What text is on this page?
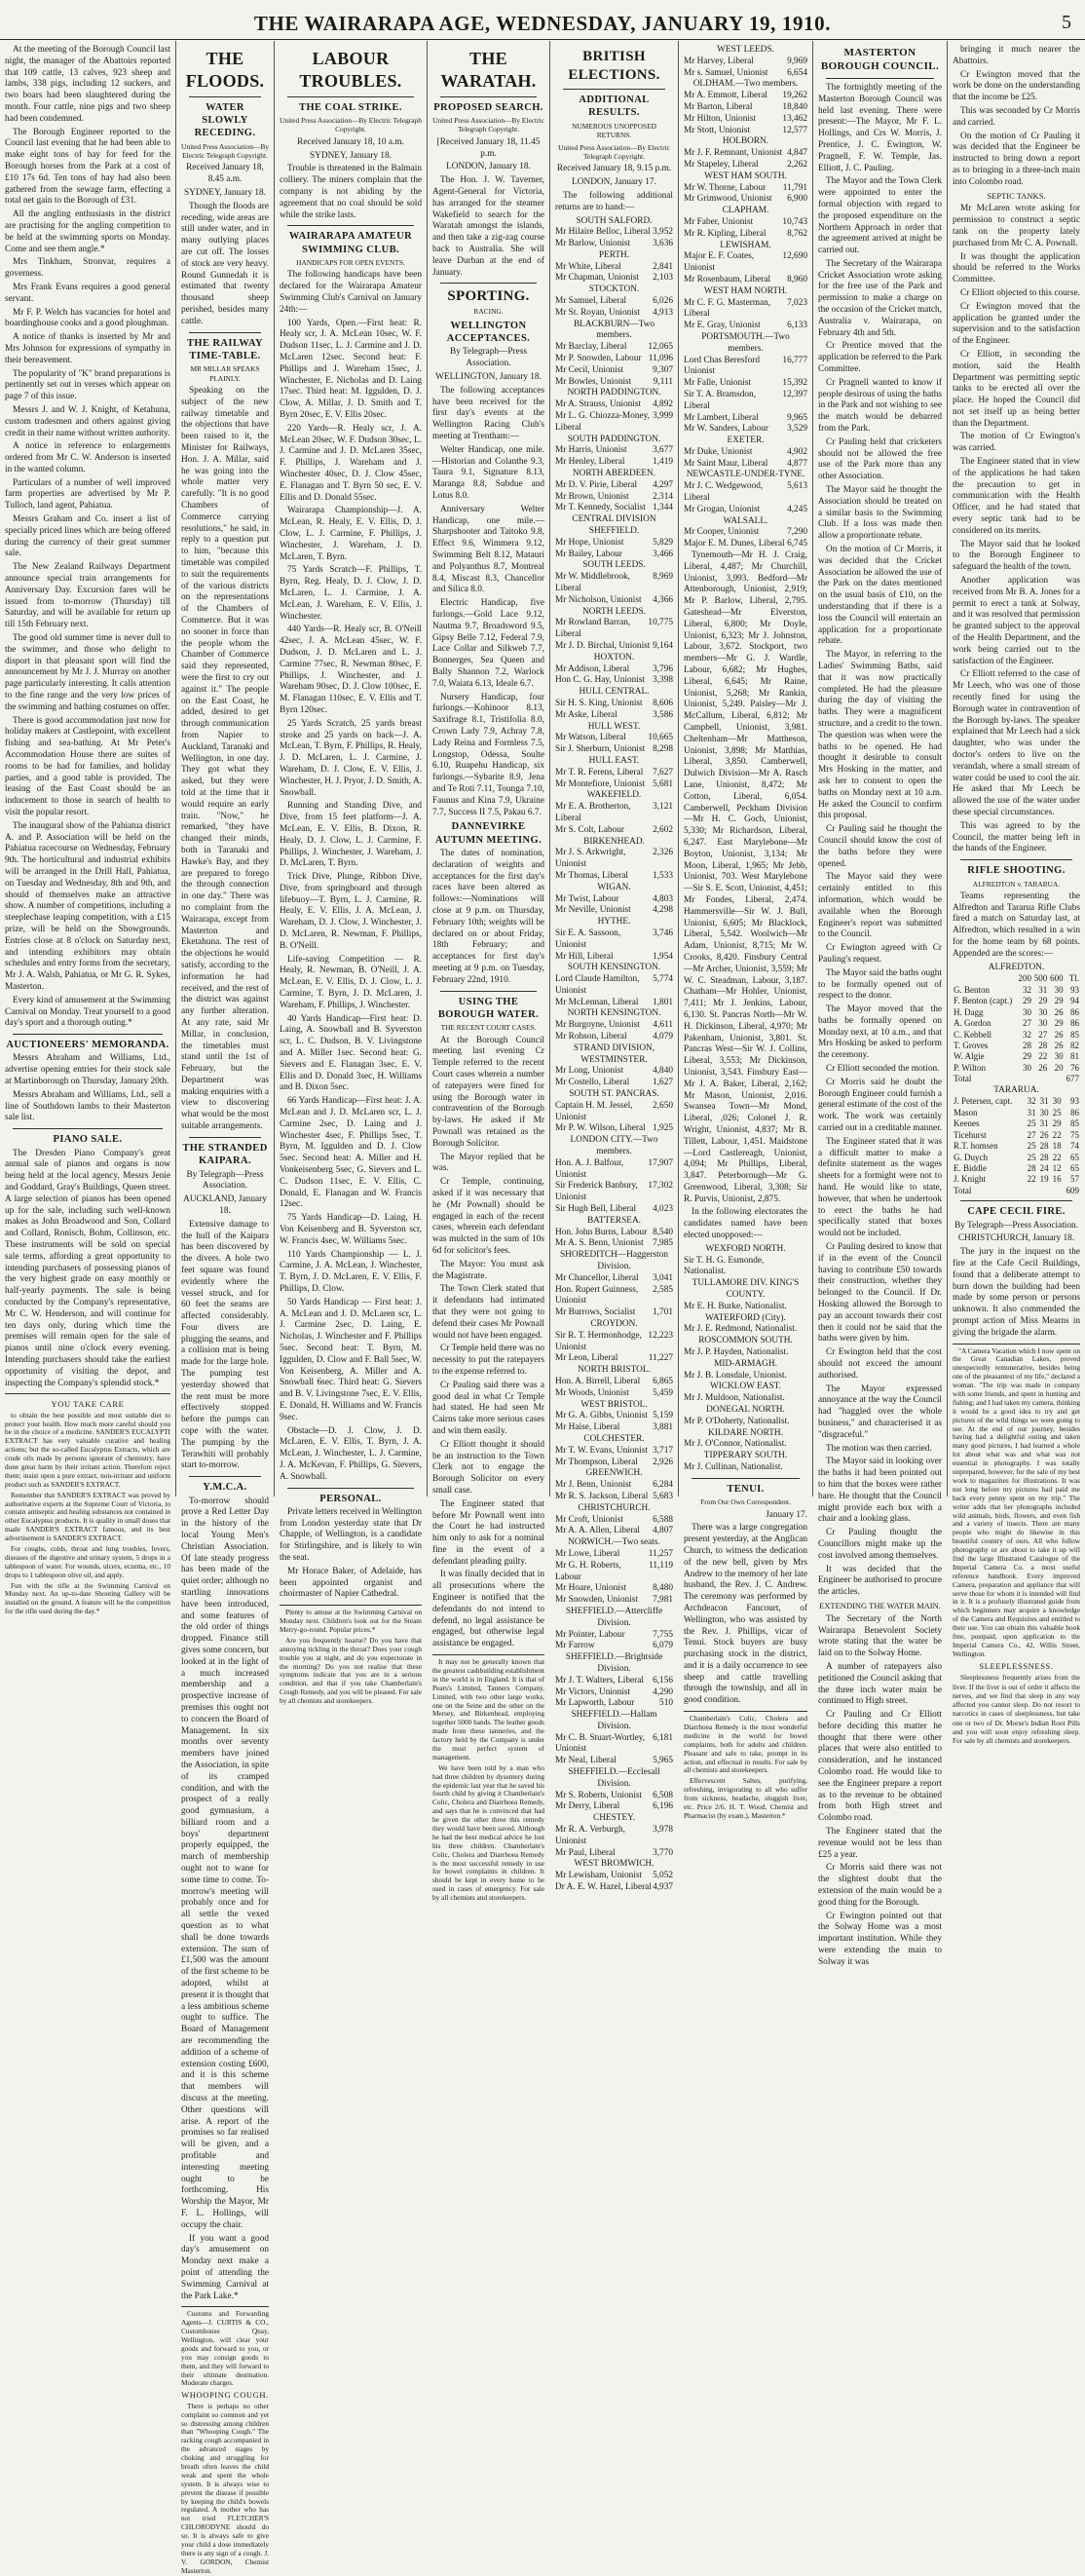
THE WAIRARAPA AGE, WEDNESDAY, JANUARY 19, 1910.	5

At the meeting of the Borough Council last night, the manager of the Abattoirs reported that 109 cattle, 13 calves, 923 sheep and lambs, 338 pigs, including 12 suckers, and two boars had been slaughtered during the month. Four cattle, nine pigs and two sheep had been condemned.

The Borough Engineer reported to the Council last evening that he had been able to make eight tons of hay for feed for the Borough horses from the Park at a cost of £10 17s 6d. Ten tons of hay had also been gathered from the sewage farm, effecting a total net gain to the Borough of £31.

All the angling enthusiasts in the district are practising for the angling competition to be held at the swimming sports on Monday. Come and see them angle.*

Mrs Tinkham, Stronvar, requires a governess.

Mrs Frank Evans requires a good general servant.

Mr F. P. Welch has vacancies for hotel and boardinghouse cooks and a good ploughman.

A notice of thanks is inserted by Mr and Mrs Johnson for expressions of sympathy in their bereavement.

The popularity of "K" brand preparations is pertinently set out in verses which appear on page 7 of this issue.

Messrs J. and W. J. Knight, of Ketahuna, custom tradesmen and others against giving credit in their name without written authority.

A notice in reference to enlargements ordered from Mr C. W. Anderson is inserted in the wanted column.

Particulars of a number of well improved farm properties are advertised by Mr P. Tulloch, land agent, Pahiatua.

Messrs Graham and Co. insert a list of specially priced lines which are being offered during the currency of their great summer sale.

The New Zealand Railways Department announce special train arrangements for Anniversary Day. Excursion fares will be issued from to-morrow (Thursday) till Saturday, and will be available for return up till 15th February next.

The good old summer time is never dull to the swimmer, and those who delight to disport in that pleasant sport will find the announcement by Mr J. J. Murray on another page particularly interesting. It calls attention to the fine range and the very low prices of the swimming and bathing costumes on offer.

There is good accommodation just now for holiday makers at Castlepoint, with excellent fishing and sea-bathing. At Mr Peter's Accommodation House there are suites of rooms to be had for families, and holiday parties, and a good table is provided. The leasing of the East Coast should be an inducement to those in search of health to visit the popular resort.

The inaugural show of the Pahiatua district A. and P. Association will be held on the Pahiatua racecourse on Wednesday, February 9th. The horticultural and industrial exhibits will be arranged in the Drill Hall, Pahiatua, on Tuesday and Wednesday, 8th and 9th, and should of themselves make an attractive show. A number of competitions, including a steeplechase leaping competition, with a £15 prize, will be held on the Showgrounds. Entries close at 8 o'clock on Saturday next, and intending exhibitors may obtain schedules and entry forms from the secretary, Mr J. A. Walsh, Pahiatua, or Mr G. R. Sykes, Masterton.

Every kind of amusement at the Swimming Carnival on Monday. Treat yourself to a good day's sport and a thorough outing.*

AUCTIONEERS' MEMORANDA.

Messrs Abraham and Williams, Ltd., advertise opening entries for their stock sale at Martinborough on Thursday, January 20th.

Messrs Abraham and Williams, Ltd., sell a line of Southdown lambs to their Masterton sale list.

PIANO SALE.

The Dresden Piano Company's great annual sale of pianos and organs is now being held at the local agency, Messrs Jenie and Goddard, Gray's Buildings, Queen street. A large selection of pianos has been opened up for the sale, including such well-known makes as John Broadwood and Son, Collard and Collard, Ronisch, Bohm, Collinson, etc. These instruments will be sold on special sale terms, affording a great opportunity to intending purchasers of possessing pianos of the very highest grade on easy monthly or half-yearly payments. The sale is being conducted by the Company's representative, Mr C. W. Henderson, and will continue for ten days only, during which time the premises will remain open for the sale of pianos until nine o'clock every evening. Intending purchasers should take the earliest opportunity of visiting the depot, and inspecting the Company's splendid stock.*

YOU TAKE CARE

to obtain the best possible and most suitable diet to protect your health. How much more careful should you be in the choice of a medicine. SANDER'S EUCALYPTI EXTRACT has very valuable curative and healing actions; but the so-called Eucalyptus Extracts, which are crude oils made by persons ignorant of chemistry, have done great harm by their irritant action. Therefore reject them; insist upon a pure extract, non-irritant and uniform product such as SANDER'S EXTRACT.

Remember that SANDER'S EXTRACT was proved by authoritative experts at the Supreme Court of Victoria, to contain antiseptic and healing substances not contained in other Eucalyptus products. It is quality in small doses that made SANDER'S EXTRACT famous, and its best advertisement is SANDER'S EXTRACT.

For coughs, colds, throat and lung troubles, fevers, diseases of the digestive and urinary system, 5 drops in a tablespoon of water. For wounds, ulcers, eczema, etc., 10 drops to 1 tablespoon olive oil, and apply.

Fun with the rifle at the Swimming Carnival on Monday next. An up-to-date Shooting Gallery will be installed on the ground. A feature will be the competition for the rifle used during the day.*

THE FLOODS.
WATER SLOWLY RECEDING.
United Press Association—By Electric Telegraph Copyright.

Received January 18, 8.45 a.m.

SYDNEY, January 18.

Though the floods are receding, wide areas are still under water, and in many outlying places are cut off. The losses of stock are very heavy. Round Gunnedah it is estimated that twenty thousand sheep perished, besides many cattle.

THE RAILWAY TIME-TABLE.
MR MILLAR SPEAKS PLAINLY.

Speaking on the subject of the new railway timetable and the objections that have been raised to it, the Minister for Railways, Hon. J. A. Millar, said he was going into the whole matter very carefully. "It is no good Chambers of Commerce carrying resolutions," he said, in reply to a question put to him, "because this timetable was compiled to suit the requirements of the various districts on the representations of the Chambers of Commerce. But it was no sooner in force than the people whom the Chamber of Commerce said they represented, were the first to cry out against it." The people on the East Coast, he added, desired to get through communication from Napier to Auckland, Taranaki and Wellington, in one day. They got what they asked, but they were told at the time that it would require an early train. "Now," he remarked, "they have changed their minds, both in Taranaki and Hawke's Bay, and they are prepared to forego the through connection in one day." There was no complaint from the Wairarapa, except from Masterton and Eketahuna. The rest of the objections he would satisfy, according to the information he had received, and the rest of the district was against any further alteration. At any rate, said Mr Millar, in conclusion, the timetables must stand until the 1st of February, but the Department was making enquiries with a view to discovering what would be the most suitable arrangements.

THE STRANDED KAIPARA.

By Telegraph—Press Association.

AUCKLAND, January 18.

Extensive damage to the hull of the Kaipara has been discovered by the divers. A hole two feet square was found evidently where the vessel struck, and for 60 feet the seams are affected considerably. Four divers are plugging the seams, and a collision mat is being made for the large hole. The pumping test yesterday showed that the rent must be more effectively stopped before the pumps can cope with the water. The pumping by the Terawhiti will probably start to-morrow.

Y.M.C.A.

To-morrow should prove a Red Letter Day in the history of the local Young Men's Christian Association. Of late steady progress has been made of the quiet order; although no startling innovations have been introduced, and some features of the old order of things dropped. Finance still gives some concern, but looked at in the light of a much increased membership and a prospective increase of premises this ought not to concern the Board of Management. In six months over seventy members have joined the Association, in spite of its cramped condition, and with the prospect of a really good gymnasium, a billiard room and a boys' department properly equipped, the march of membership ought not to wane for some time to come. To-morrow's meeting will probably once and for all settle the vexed question as to what shall be done towards extension. The sum of £1,500 was the amount of the first scheme to be adopted, whilst at present it is thought that a less ambitious scheme ought to suffice. The Board of Management are recommending the addition of a scheme of extension costing £600, and it is this scheme that members will discuss at the meeting. Other questions will arise. A report of the promises so far realised will be given, and a profitable and interesting meeting ought to be forthcoming. His Worship the Mayor, Mr F. L. Hollings, will occupy the chair.

If you want a good day's amusement on Monday next make a point of attending the Swimming Carnival at the Park Lake.*

Customs and Forwarding Agents—J. CURTIS & CO., Customhouse Quay, Wellington, will clear your goods and forward to you, or you may consign goods to them, and they will forward to their ultimate destination. Moderate charges.

WHOOPING COUGH.

There is perhaps no other complaint so common and yet so distressing among children than "Whooping Cough." The racking cough accompanied in the advanced stages by choking and struggling for breath often leaves the child weak and spent the whole system. It is always wise to prevent the disease if possible by keeping the child's bowels regulated. A mother who has not tried FLETCHER'S CHLORODYNE should do so. It is always safe to give your child a dose immediately there is any sign of a cough. J. V. GORDON, Chemist Masterton.

LABOUR TROUBLES.
THE COAL STRIKE.
United Press Association—By Electric Telegraph Copyright.

Received January 18, 10 a.m.

SYDNEY, January 18.

Trouble is threatened in the Balmain colliery. The miners complain that the company is not abiding by the agreement that no coal should be sold while the strike lasts.

WAIRARAPA AMATEUR SWIMMING CLUB.
HANDICAPS FOR OPEN EVENTS.

The following handicaps have been declared for the Wairarapa Amateur Swimming Club's Carnival on January 24th:—

100 Yards, Open.—First heat: R. Healy scr, J. A. McLean 10sec, W. F. Dudson 11sec, L. J. Carmine and J. D. McLaren 12sec. Second heat: F. Phillips and J. Wareham 15sec, J. Winchester, E. Nicholas and D. Laing 17sec. Third heat: M. Iggulden, D. J. Clow, A. Millar, J. D. Smith and T. Byrn 20sec, E. V. Ellis 20sec.

220 Yards—R. Healy scr, J. A. McLean 20sec, W. F. Dudson 30sec, L. J. Carmine and J. D. McLaren 35sec, F. Phillips, J. Wareham and J. Winchester 40sec, D. J. Clow 45sec, E. Flanagan and T. Byrn 50 sec, E. V. Ellis and D. Donald 55sec.

Wairarapa Championship—J. A. McLean, R. Healy, E. V. Ellis, D. J. Clow, L. J. Carmine, F. Phillips, J. Winchester, J. Wareham, J. D. McLaren, T. Byrn.

75 Yards Scratch—F. Phillips, T. Byrn, Reg. Healy, D. J. Clow, J. D. McLaren, L. J. Carmine, J. A. McLean, J. Wareham, E. V. Ellis, J. Winchester.

440 Yards—R. Healy scr, B. O'Neill 42sec, J. A. McLean 45sec, W. F. Dudson, J. D. McLaren and L. J. Carmine 77sec, R. Newman 80sec, F. Phillips, J. Winchester, and J. Wareham 90sec, D. J. Clow 100sec, E. M. Flanagan 110sec, E. V. Ellis and T. Byrn 120sec.

25 Yards Scratch, 25 yards breast stroke and 25 yards on back—J. A. McLean, T. Byrn, F. Phillips, R. Healy, J. D. McLaren, L. J. Carmine, J. Wareham, D. J. Clow, E. V. Ellis, J. Winchester, H. J. Pryor, J. D. Smith, A. Snowball.

Running and Standing Dive, and Dive, from 15 feet platform—J. A. McLean, E. V. Ellis, B. Dixon, R. Healy, D. J. Clow, L. J. Carmine, F. Phillips, J. Winchester, J. Wareham, J. D. McLaren, T. Byrn.

Trick Dive, Plunge, Ribbon Dive, Dive, from springboard and through lifebuoy—T. Byrn, L. J. Carmine, R. Healy, E. V. Ellis, J. A. McLean, J. Wareham, D. J. Clow, J. Winchester, J. D. McLaren, R. Newman, F. Phillips, B. O'Neill.

Life-saving Competition — R. Healy, R. Newman, B. O'Neill, J. A. McLean, E. V. Ellis, D. J. Clow, L. J. Carmine, T. Byrn, J. D. McLaren, J. Wareham, F. Phillips, J. Winchester.

40 Yards Handicap—First heat: D. Laing, A. Snowball and B. Syverston scr, L. C. Dudson, B. V. Livingstone and A. Miller 1sec. Second heat: G. Sievers and E. Flanagan 3sec, E. V. Ellis and D. Donald 3sec, H. Williams and B. Dixon 5sec.

66 Yards Handicap—First heat: J. A. McLean and J. D. McLaren scr, L. J. Carmine 2sec, D. Laing and J. Winchester 4sec, F. Phillips 5sec, T. Byrn, M. Iggulden and D. J. Clow 5sec. Second heat: A. Miller and H. Vonkeisenberg 5sec, G. Sievers and L. C. Dudson 11sec, E. V. Ellis, C. Donald, E. Flanagan and W. Francis 12sec.

75 Yards Handicap—D. Laing, H. Von Keisenberg and B. Syverston scr, W. Francis 4sec, W. Williams 5sec.

110 Yards Championship — L. J. Carmine, J. A. McLean, J. Winchester, T. Byrn, J. D. McLaren, E. V. Ellis, F. Phillips, D. Clow.

50 Yards Handicap — First heat: J. A. McLean and J. D. McLaren scr, L. J. Carmine 2sec, D. Laing, E. Nicholas, J. Winchester and F. Phillips 5sec. Second heat: T. Byrn, M. Iggulden, D. Clow and F. Ball 5sec, W. Von Keisenberg, A. Miller and A. Snowball 6sec. Third heat: G. Sievers and B. V. Livingstone 7sec, E. V. Ellis, E. Donald, H. Williams and W. Francis 9sec.

Obstacle—D. J. Clow, J. D. McLaren, E. V. Ellis, T. Byrn, J. A. McLean, J. Winchester, L. J. Carmine, J. A. McKevan, F. Phillips, G. Sievers, A. Snowball.

PERSONAL.

Private letters received in Wellington from London yesterday state that Dr Chapple, of Wellington, is a candidate for Stirlingshire, and is likely to win the seat.

Mr Horace Baker, of Adelaide, has been appointed organist and choirmaster of Napier Cathedral.

Plenty to amuse at the Swimming Carnival on Monday next. Children's look out for the Steam Merry-go-round. Popular prices.*

Are you frequently hoarse? Do you have that annoying tickling in the throat? Does your cough trouble you at night, and do you expectorate in the morning? Do you not realise that these symptoms indicate that you are in a serious condition, and that if you take Chamberlain's Cough Remedy, and you will be pleased. For sale by all chemists and storekeepers.

THE WARATAH.
PROPOSED SEARCH.
United Press Association—By Electric Telegraph Copyright.

[Received January 18, 11.45 p.m.

LONDON, January 18.

The Hon. J. W. Taverner, Agent-General for Victoria, has arranged for the steamer Wakefield to search for the Waratah amongst the islands, and then take a zig-zag course back to Australia. She will leave Durban at the end of January.

SPORTING.
RACING.
WELLINGTON ACCEPTANCES.

By Telegraph—Press Association.

WELLINGTON, January 18.

The following acceptances have been received for the first day's events at the Wellington Racing Club's meeting at Trentham:—

Welter Handicap, one mile.—Historian and Colanthe 9.3, Taura 9.1, Signature 8.13, Maranga 8.8, Subdue and Lotus 8.0.

Anniversary Welter Handicap, one mile.—Sharpshooter and Taitoko 9.8, Effect 9.6, Wimmera 9.12, Swimming Belt 8.12, Matauri and Polyanthus 8.7, Montreal 8.4, Miscast 8.3, Chancellor and Silica 8.0.

Electric Handicap, five furlongs.—Gold Lace 9.12, Nautma 9.7, Broadsword 9.5, Gipsy Belle 7.12, Federal 7.9, Lace Collar and Silkweb 7.7, Bonnerges, Sea Queen and Bally Shannon 7.2, Warlock 7.0, Waiata 6.13, Ideale 6.7.

Nursery Handicap, four furlongs.—Kohinoor 8.13, Saxifrage 8.1, Tristifolia 8.0, Crown Lady 7.9, Achray 7.8, Lady Reina and Formless 7.5, Longstop, Odessa, Soulte 6.10, Ruapehu Handicap, six furlongs.—Sybarite 8.9, Jena and Te Roti 7.11, Tounga 7.10, Faunus and Kina 7.9, Ukraine 7.7, Success II 7.5, Pakau 6.7.

DANNEVIRKE AUTUMN MEETING.

The dates of nomination, declaration of weights and acceptances for the first day's races have been altered as follows:—Nominations will close at 9 p.m. on Thursday, February 10th; weights will be declared on or about Friday, 18th February; and acceptances for first day's meeting at 9 p.m. on Tuesday, February 22nd, 1910.

USING THE BOROUGH WATER.
THE RECENT COURT CASES.

At the Borough Council meeting last evening Cr Temple referred to the recent Court cases wherein a number of ratepayers were fined for using the Borough water in contravention of the Borough by-laws. He asked if Mr Pownall was retained as the Borough Solicitor.

The Mayor replied that he was.

Cr Temple, continuing, asked if it was necessary that he (Mr Pownall) should be engaged in each of the recent cases, wherein each defendant was mulcted in the sum of 10s 6d for solicitor's fees.

The Mayor: You must ask the Magistrate.

The Town Clerk stated that it defendants had intimated that they were not going to defend their cases Mr Pownall would not have been engaged.

Cr Temple held there was no necessity to put the ratepayers to the expense referred to.

Cr Pauling said there was a good deal in what Cr Temple had stated. He had seen Mr Cairns take more serious cases and win them easily.

Cr Elliott thought it should be an instruction to the Town Clerk not to engage the Borough Solicitor on every small case.

The Engineer stated that before Mr Pownall went into the Court he had instructed him only to ask for a nominal fine in the event of a defendant pleading guilty.

It was finally decided that in all prosecutions where the Engineer is notified that the defendants do not intend to defend, no legal assistance be engaged, but otherwise legal assistance be engaged.

It may not be generally known that the greatest cashbuilding establishment in the world is in England. It is that of Pears's Limited, Tanners Company, Limited, with two other large works, one on the Seine and the other on the Mersey, and Birkenhead, employing together 5000 hands. The leather goods made from these tanneries, and the factory held by the Company is under the most perfect system of management.

We have been told by a man who had three children by dysentery during the epidemic last year that he saved his fourth child by giving it Chamberlain's Colic, Cholera and Diarrhoea Remedy, and says that he is convinced that had he given the other three this remedy they would have been saved. Although he had the best medical advice he lost his three children. Chamberlain's Colic, Cholera and Diarrhoea Remedy is the most successful remedy in use for bowel complaints in children. It should be kept in every home to be used in cases of emergency. For sale by all chemists and storekeepers.

BRITISH ELECTIONS.
ADDITIONAL RESULTS.
NUMEROUS UNOPPOSED RETURNS.
United Press Association—By Electric Telegraph Copyright.

Received January 18, 9.15 p.m.

LONDON, January 17.

The following additional returns are to hand:—

SOUTH SALFORD.
Mr Hilaire Belloc, Liberal 3,952
Mr Barlow, Unionist 3,636
PERTH.
Mr White, Liberal	2,841
Mr Chapman, Unionist 2,103
STOCKTON.
Mr Samuel, Liberal	6,026
Mr St. Royan, Unionist 4,913
BLACKBURN—Two members.
Mr Barclay, Liberal 12,065
Mr P. Snowden, Labour 11,096
Mr Cecil, Unionist	9,307
Mr Bowles, Unionist 9,111
NORTH PADDINGTON.
Mr A. Strauss, Unionist 4,892
Mr L. G. Chiozza-Money, Liberal
3,999
SOUTH PADDINGTON.
Mr Harris, Unionist	3,677
Mr Henley, Liberal	1,419
NORTH ABERDEEN.
Mr D. V. Pirie, Liberal 4,297
Mr Brown, Unionist	2,314
Mr T. Kennedy, Socialist 1,344
CENTRAL DIVISION SHEFFIELD.
Mr Hope, Unionist	5,829
Mr Bailey, Labour	3,466
SOUTH LEEDS.
Mr W. Middlebrook, Liberal
8,969
Mr Nicholson, Unionist 4,366
NORTH LEEDS.
Mr Rowland Barran, Liberal
10,775
Mr J. D. Birchal, Unionist 9,164
HOXTON.
Mr Addison, Liberal	3,796
Hon C. G. Hay, Unionist 3,398
HULL CENTRAL.
Sir H. S. King, Unionist 8,606
Mr Aske, Liberal	3,586
HULL WEST.
Mr Watson, Liberal 10,665
Sir J. Sherburn, Unionist 8,298
HULL EAST.
Mr T. R. Ferens, Liberal 7,627
Mr Montefiore, Unionist 5,681
WAKEFIELD.
Mr E. A. Brotherton, Liberal
3,121
Mr S. Colt, Labour	2,602
BIRKENHEAD.
Mr J. S. Arkwright, Unionist
2,326
Mr Thomas, Liberal	1,533
WIGAN.
Mr Twist, Labour	4,803
Mr Neville, Unionist 4,298
HYTHE.
Sir E. A. Sassoon, Unionist
3,746
Mr Hill, Liberal	1,954
SOUTH KENSINGTON.
Lord Claude Hamilton, Unionist
5,774
Mr McLennan, Liberal 1,801
NORTH KENSINGTON.
Mr Burgoyne, Unionist 4,611
Mr Rohson, Liberal	4,079
STRAND DIVISION, WESTMINSTER.
Mr Long, Unionist	4,840
Mr Costello, Liberal	1,627
SOUTH ST. PANCRAS.
Captain H. M. Jessel, Unionist
2,650
Mr P. W. Wilson, Liberal 1,925
LONDON CITY.—Two members.
Hon. A. J. Balfour, Unionist
17,907
Sir Frederick Banbury, Unionist
17,302
Sir Hugh Bell, Liberal 4,023
BATTERSEA.
Hon. John Burns, Labour 8,540
Mr A. S. Benn, Unionist 7,985
SHOREDITCH—Haggerston Division.
Mr Chancellor, Liberal 3,041
Hon. Rupert Guinness, Unionist
2,585
Mr Burrows, Socialist 1,701
CROYDON.
Sir R. T. Hermonhodge, Unionist
12,223
Mr Leon, Liberal	11,227
NORTH BRISTOL.
Hon. A. Birrell, Liberal 6,865
Mr Woods, Unionist	5,459
WEST BRISTOL.
Mr G. A. Gibbs, Unionist 5,159
Mr Haise, Liberal	3,881
COLCHESTER.
Mr T. W. Evans, Unionist 3,717
Mr Thompson, Liberal 2,926
GREENWICH.
Mr J. Benn, Unionist 6,284
Mr R. S. Jackson, Liberal 5,683
CHRISTCHURCH.
Mr Croft, Unionist	6,588
Mr A. A. Allen, Liberal 4,807
NORWICH.—Two seats.
Mr Lowe, Liberal	11,257
Mr G. H. Roberts, Labour
11,119
Mr Hoare, Unionist	8,480
Mr Snowden, Unionist 7,981
SHEFFIELD.—Attercliffe Division.
Mr Pointer, Labour	7,755
Mr Farrow	6,079
SHEFFIELD.—Brightside Division.
Mr J. T. Walters, Liberal 6,156
Mr Victors, Unionist 4,290
Mr Lapworth, Labour	510
SHEFFIELD.—Hallam Division.
Mr C. B. Stuart-Wortley, Unionist
6,181
Mr Neal, Liberal	5,965
SHEFFIELD.—Ecclesall Division.
Mr S. Roberts, Unionist 6,508
Mr Derry, Liberal	6,196
CHESTEY.
Mr R. A. Verburgh, Unionist
3,978
Mr Paul, Liberal	3,770
WEST BROMWICH.
Mr Lewisham, Unionist 5,052
Dr A. E. W. Hazel, Liberal 4,937
WEST LEEDS.
Mr Harvey, Liberal	9,969
Mr s. Samuel, Unionist 6,654
OLDHAM.—Two members.
Mr A. Emmott, Liberal 19,262
Mr Barton, Liberal	18,840
Mr Hilton, Unionist	13,462
Mr Stott, Unionist	12,577
HOLBORN.
Mr J. F. Remnant, Unionist 4,847
Mr Stapeley, Liberal	2,262
WEST HAM SOUTH.
Mr W. Thorne, Labour 11,791
Mr Grimwood, Unionist 6,900
CLAPHAM.
Mr Faber, Unionist	10,743
Mr R. Kipling, Liberal 8,762
LEWISHAM.
Major E. F. Coates, Unionist
12,690
Mr Rosenbaum, Liberal 8,960
WEST HAM NORTH.
Mr C. F. G. Masterman, Liberal
7,023
Mr E. Gray, Unionist	6,133
PORTSMOUTH.—Two members.
Lord Chas Beresford Unionist
16,777
Mr Falle, Unionist	15,392
Sir T. A. Bramsdon, Liberal
12,397
Mr Lambert, Liberal	9,965
Mr W. Sanders, Labour 3,529
EXETER.
Mr Duke, Unionist	4,902
Mr Saint Maur, Liberal 4,877
NEWCASTLE-UNDER-TYNE.
Mr J. C. Wedgewood, Liberal
5,613
Mr Grogan, Unionist	4,245
WALSALL.
Mr Cooper, Unionist	7,290
Major E. M. Dunes, Liberal 6,745

Tynemouth—Mr H. J. Craig, Liberal, 4,487; Mr Churchill, Unionist, 3,993. Bedford—Mr Attenborough, Unionist, 2,919; Mr P. Barlow, Liberal, 2,795. Gateshead—Mr Elverston, Liberal, 6,800; Mr Doyle, Unionist, 6,323; Mr J. Johnston, Labour, 3,672. Stockport, two members—Mr G. J. Wardle, Labour, 6,682; Mr Hughes, Liberal, 6,645; Mr Raine, Unionist, 5,268; Mr Rankin, Unionist, 5,249. Paisley—Mr J. McCallum, Liberal, 6,812; Mr Campbell, Unionist, 3,981. Cheltenham—Mr Mattheson, Unionist, 3,898; Mr Matthias, Liberal, 3,850. Camberwell, Dulwich Division—Mr A. Rasch Lane, Unionist, 8,472; Mr Cotton, Liberal, 6,054. Camberwell, Peckham Division—Mr H. C. Goch, Unionist, 5,330; Mr Richardson, Liberal, 6,247. East Marylebone—Mr Boyton, Unionist, 3,134; Mr Moon, Liberal, 1,965; Mr Jebb, Unionist, 703. West Marylebone—Sir S. E. Scott, Unionist, 4,451; Mr Fondes, Liberal, 2,474. Hammersville—Sir W. J. Bull, Unionist, 6,605; Mr Blacklock, Liberal, 5,542. Woolwich—Mr Adam, Unionist, 8,715; Mr W. Crooks, 8,420. Finsbury Central—Mr Archer, Unionist, 3,559; Mr W. C. Steadman, Labour, 3,187. Chatham—Mr Hohler, Unionist, 7,411; Mr J. Jenkins, Labour, 6,130. St. Pancras North—Mr W. H. Dickinson, Liberal, 4,970; Mr Pakenham, Unionist, 3,801. St. Pancras West—Sir W. J. Collins, Liberal, 3,553; Mr Dickinson, Unionist, 3,543. Finsbury East—Mr J. A. Baker, Liberal, 2,162; Mr Mason, Unionist, 2,016. Swansea Town—Mr Mond, Liberal, ,026; Colonel J. R. Wright, Unionist, 4,837; Mr B. Tillett, Labour, 1,451. Maidstone—Lord Castlereagh, Unionist, 4,094; Mr Phillips, Liberal, 3,847. Peterborough—Mr G. Greenwood, Liberal, 3,308; Sir R. Purvis, Unionist, 2,875.

In the following electorates the candidates named have been elected unopposed:—

WEXFORD NORTH.
Sir T. H. G. Esmonde, Nationalist.
TULLAMORE DIV. KING'S COUNTY.
Mr E. H. Burke, Nationalist.
WATERFORD (City).
Mr J. E. Redmond, Nationalist.
ROSCOMMON SOUTH.
Mr J. P. Hayden, Nationalist.
MID-ARMAGH.
Mr J. B. Lonsdale, Unionist.
WICKLOW EAST.
Mr J. Muldoon, Nationalist.
DONEGAL NORTH.
Mr P. O'Doherty, Nationalist.
KILDARE NORTH.
Mr J. O'Connor, Nationalist.
TIPPERARY SOUTH.
Mr J. Cullinan, Nationalist.
TENUI.
From Our Own Correspondent.

January 17.

There was a large congregation present yesterday, at the Anglican Church, to witness the dedication of the new bell, given by Mrs Andrew to the memory of her late husband, the Rev. J. C. Andrew. The ceremony was performed by Archdeacon Fancourt, of Wellington, who was assisted by the Rev. J. Phillips, vicar of Tenui. Stock buyers are busy purchasing stock in the district, and it is a daily occurrence to see sheep and cattle travelling through the township, and all in good condition.

Chamberlain's Colic, Cholera and Diarrhoea Remedy is the most wonderful medicine in the world for bowel complaints, both for adults and children. Pleasant and safe to take, prompt in its action, and effectual in results. For sale by all chemists and storekeepers.

Effervescent Saltes, purifying, refreshing, invigorating to all who suffer from sickness, headache, sluggish liver, etc. Price 2/6. H. T. Wood, Chemist and Pharmacist (by exam.), Masterton.*

MASTERTON BOROUGH COUNCIL.

The fortnightly meeting of the Masterton Borough Council was held last evening. There were present:—The Mayor, Mr F. L. Hollings, and Crs W. Morris, J. Prentice, J. C. Ewington, W. Pragnell, F. W. Temple, Jas. Elliott, J. C. Pauling.

The Mayor and the Town Clerk were appointed to enter the formal objection with regard to the proposed expenditure on the Northern Approach in order that the agreement arrived at might be carried out.

The Secretary of the Wairarapa Cricket Association wrote asking for the free use of the Park and permission to make a charge on the occasion of the Cricket match, Australia v. Wairarapa, on February 4th and 5th.

Cr Prentice moved that the application be referred to the Park Committee.

Cr Pragnell wanted to know if people desirous of using the baths in the Park and not wishing to see the match would be debarred from the Park.

Cr Pauling held that cricketers should not be allowed the free use of the Park more than any other Association.

The Mayor said he thought the Association should be treated on a similar basis to the Swimming Club. If a loss was made then allow a proportionate rebate.

On the motion of Cr Morris, it was decided that the Cricket Association be allowed the use of the Park on the dates mentioned on the usual basis of £10, on the understanding that if there is a loss the Council will entertain an application for a proportionate rebate.

The Mayor, in referring to the Ladies' Swimming Baths, said that it was now practically completed. He had the pleasure during the day of visiting the baths. They were a magnificent structure, and a credit to the town. The question was when were the baths to be opened. He had thought it desirable to consult Mrs Hosking in the matter, and ask her to consent to open the baths on Monday next at 10 a.m. He asked the Council to confirm this proposal.

Cr Pauling said he thought the Council should know the cost of the baths before they were opened.

The Mayor said they were certainly entitled to this information, which would be available when the Borough Engineer's report was submitted to the Council.

Cr Ewington agreed with Cr Pauling's request.

The Mayor said the baths ought to be formally opened out of respect to the donor.

The Mayor moved that the baths be formally opened on Monday next, at 10 a.m., and that Mrs Hosking be asked to perform the ceremony.

Cr Elliott seconded the motion.

Cr Morris said he doubt the Borough Engineer could furnish a general estimate of the cost of the work. The work was certainly carried out in a creditable manner.

The Engineer stated that it was a difficult matter to make a definite statement as the wages sheets for a fortnight were not to hand. He would like to state, however, that when he undertook to erect the baths he had specifically stated that boxes would not be included.

Cr Pauling desired to know that if in the event of the Council having to contribute £50 towards their construction, whether they belonged to the Council. If Dr. Hosking allowed the Borough to pay an account towards their cost then it could not be said that the baths were given by him.

Cr Ewington held that the cost should not exceed the amount authorised.

The Mayor expressed annoyance at the way the Council had "haggled over the whole business," and characterised it as "disgraceful."

The motion was then carried.

The Mayor said in looking over the baths it had been pointed out to him that the boxes were rather bare. He thought that the Council might provide each box with a chair and a looking glass.

Cr Pauling thought the Councillors might make up the cost involved among themselves.

It was decided that the Engineer be authorised to procure the articles.

EXTENDING THE WATER MAIN.

The Secretary of the North Wairarapa Benevolent Society wrote stating that the water be laid on to the Solway Home.

A number of ratepayers also petitioned the Council asking that the three inch water main be continued to High street.

Cr Pauling and Cr Elliott before deciding this matter he thought that there were other places that were also entitled to consideration, and he instanced Colombo road. He would like to see the Engineer prepare a report as to the revenue to be obtained from both High street and Colombo road.

The Engineer stated that the revenue would not be less than £25 a year.

Cr Morris said there was not the slightest doubt that the extension of the main would be a good thing for the Borough.

Cr Ewington pointed out that the Solway Home was a most important institution. While they were extending the main to Solway it was

bringing it much nearer the Abattoirs.

Cr Ewington moved that the work be done on the understanding that the income be £25.

This was seconded by Cr Morris and carried.

On the motion of Cr Pauling it was decided that the Engineer be instructed to bring down a report as to bringing in a three-inch main into Colombo road.

SEPTIC TANKS.

Mr McLaren wrote asking for permission to construct a septic tank on the property lately purchased from Mr C. A. Pownall.

It was thought the application should be referred to the Works Committee.

Cr Elliott objected to this course.

Cr Ewington moved that the application be granted under the supervision and to the satisfaction of the Engineer.

Cr Elliott, in seconding the motion, said the Health Department was permitting septic tanks to be erected all over the place. He hoped the Council did not set itself up as being better than the Department.

The motion of Cr Ewington's was carried.

The Engineer stated that in view of the applications he had taken the precaution to get in communication with the Health Officer, and he had stated that every septic tank had to be considered on its merits.

The Mayor said that he looked to the Borough Engineer to safeguard the health of the town.

Another application was received from Mr B. A. Jones for a permit to erect a tank at Solway, and it was resolved that permission be granted subject to the approval of the Health Department, and the work being carried out to the satisfaction of the Engineer.

Cr Elliott referred to the case of Mr Leech, who was one of those recently fined for using the Borough water in contravention of the Borough by-laws. The speaker explained that Mr Leech had a sick daughter, who was under the doctor's orders to live on the verandah, where a small stream of water could be used to cool the air. He asked that Mr Leech be allowed the use of the water under these special circumstances.

This was agreed to by the Council, the matter being left in the hands of the Engineer.

RIFLE SHOOTING.
ALFREDTON v. TARARUA.

Teams representing the Alfredton and Tararua Rifle Clubs fired a match on Saturday last, at Alfredton, which resulted in a win for the home team by 68 points. Appended are the scores:—

ALFREDTON.
	200	500	600	Tl.
G. Benton	32	31	30	93
F. Benton (capt.)	29	29	29	94
H. Dagg	30	30	26	86
A. Gordon	27	30	29	86
C. Kebbell	32	27	26	85
T. Groves	28	28	26	82
W. Algie	29	22	30	81
P. Wilton	30	26	20	76
Total				677
TARARUA.
J. Petersen, capt.	32	31	30	93
Mason	31	30	25	86
Keenes	25	31	29	85
Ticehurst	27	26	22	75
R.T. homsen	25	28	18	74
G. Duych	25	28	22	65
E. Biddle	28	24	12	65
J. Knight	22	19	16	57
Total				609
CAPE CECIL FIRE.

By Telegraph—Press Association.

CHRISTCHURCH, January 18.

The jury in the inquest on the fire at the Cafe Cecil Buildings, found that a deliberate attempt to burn down the building had been made by some person or persons unknown. It also commended the prompt action of Miss Mearns in giving the brigade the alarm.

"A Camera Vacation which I now spent on the Great Canadian Lakes, proved unexpectedly remunerative, besides being one of the pleasantest of my life," declared a woman. "The trip was made in company with some friends, and spent in hunting and fishing; and I had taken my camera, thinking it would be a good idea to try and get pictures of the wild things we were going to see. At the end of our journey, besides having had a delightful outing and taken many good pictures, I had learned a whole lot about what was and what was not essential in photography. I was totally unprepared, however, for the sale of my best work to magazines for illustrations. It was not long before my pictures had paid me back every penny spent on my trip." The writer adds that her photographs included wild animals, birds, flowers, and even fish and a variety of insects. There are many people who might do likewise in this beautiful country of ours. All who follow photography or are about to take it up will find the large Illustrated Catalogue of the Imperial Camera Co. a most useful reference handbook. Every improved Camera, preparation and appliance that will serve those for whom it is intended will find in it. It is a profusely illustrated guide from which beginners may acquire a knowledge of the Camera and Requisites and entitled to their use. You can obtain this valuable book free, postpaid, upon application to the Imperial Camera Co., 42, Willis Street, Wellington.

SLEEPLESSNESS.

Sleeplessness frequently arises from the liver. If the liver is out of order it affects the nerves, and we find that sleep in any way affected you cannot sleep. Do not resort to narcotics in cases of sleeplessness, but take one or two of Dr. Morse's Indian Root Pills and you will soon enjoy refreshing sleep. For sale by all chemists and storekeepers.
